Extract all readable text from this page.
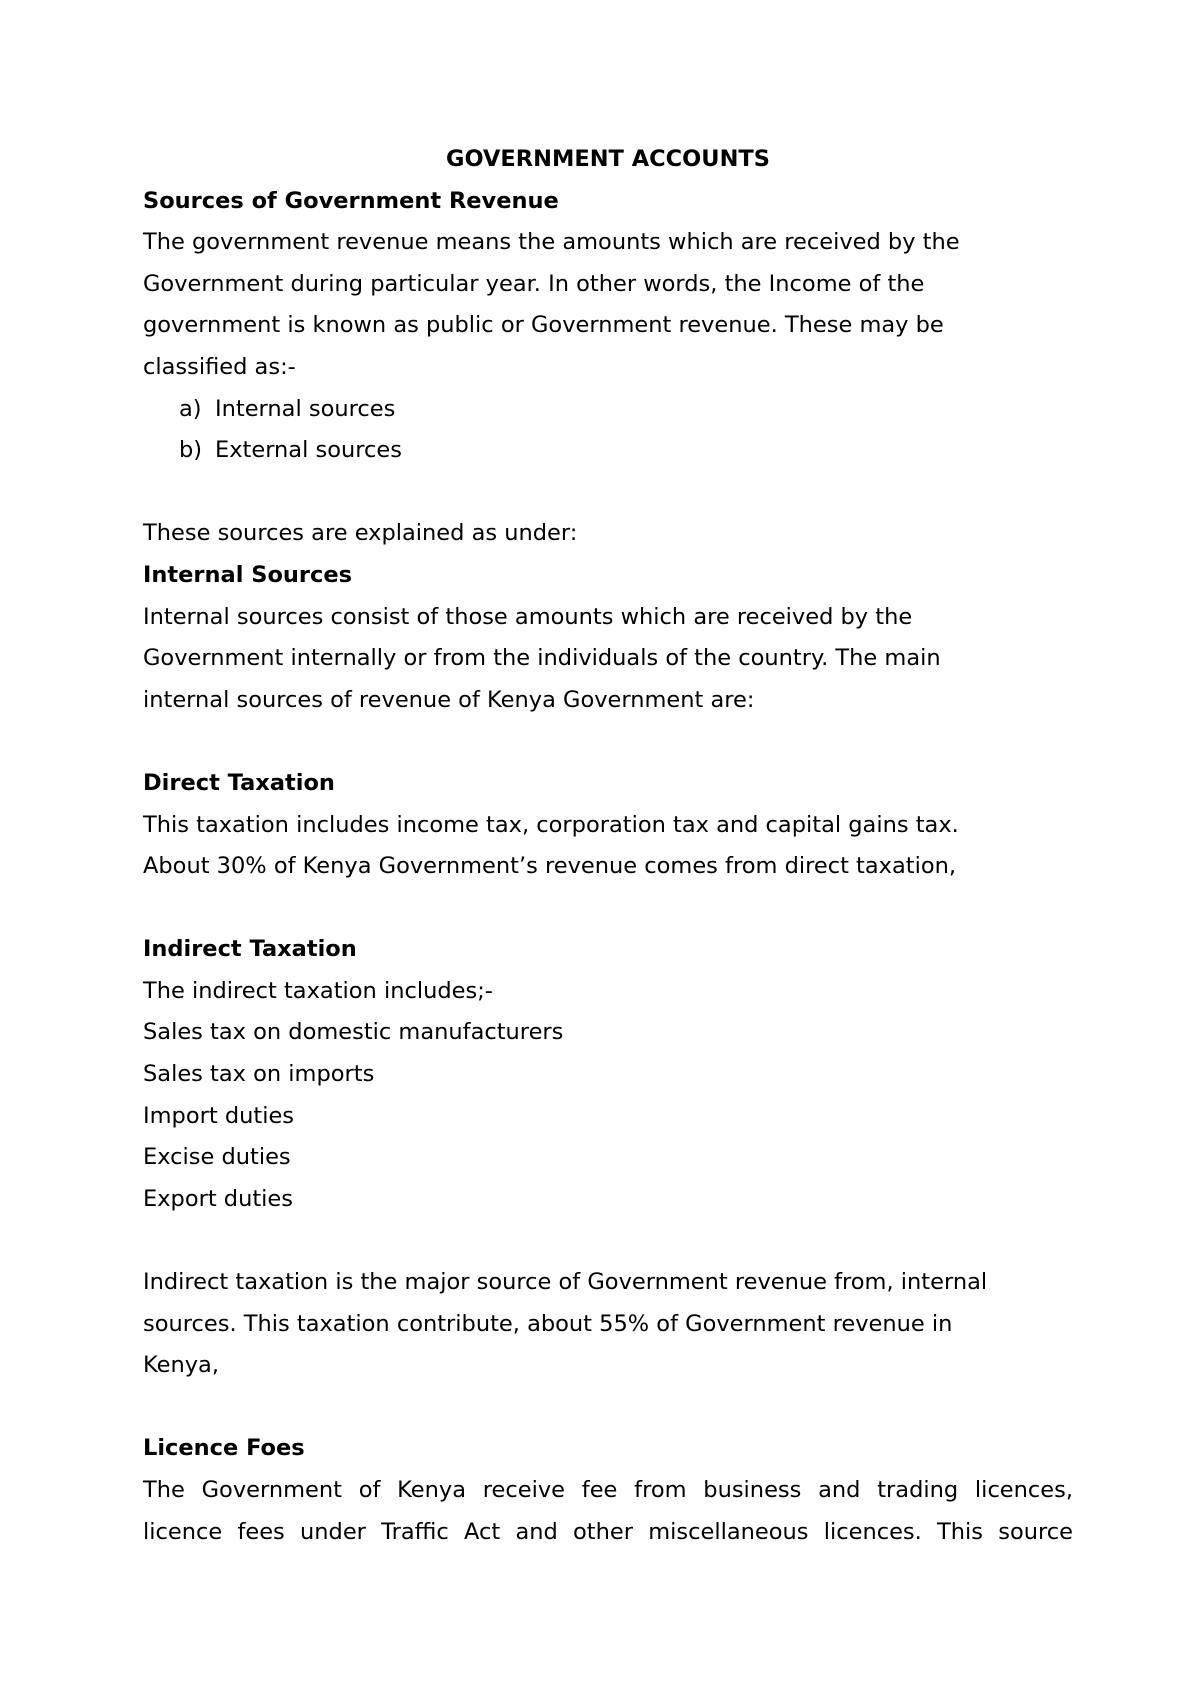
GOVERNMENT ACCOUNTS
Sources of Government Revenue
The government revenue means the amounts which are received by the
Government during particular year. In other words, the Income of the
government is known as public or Government revenue. These may be
classified as:-
a) Internal sources
b) External sources
These sources are explained as under:
Internal Sources
Internal sources consist of those amounts which are received by the
Government internally or from the individuals of the country. The main
internal sources of revenue of Kenya Government are:
Direct Taxation
This taxation includes income tax, corporation tax and capital gains tax.
About 30% of Kenya Government’s revenue comes from direct taxation,
Indirect Taxation
The indirect taxation includes;-
Sales tax on domestic manufacturers
Sales tax on imports
Import duties
Excise duties
Export duties
Indirect taxation is the major source of Government revenue from, internal
sources. This taxation contribute, about 55% of Government revenue in
Kenya,
Licence Foes
The Government of Kenya receive fee from business and trading licences,
licence fees under Traffic Act and other miscellaneous licences. This source
